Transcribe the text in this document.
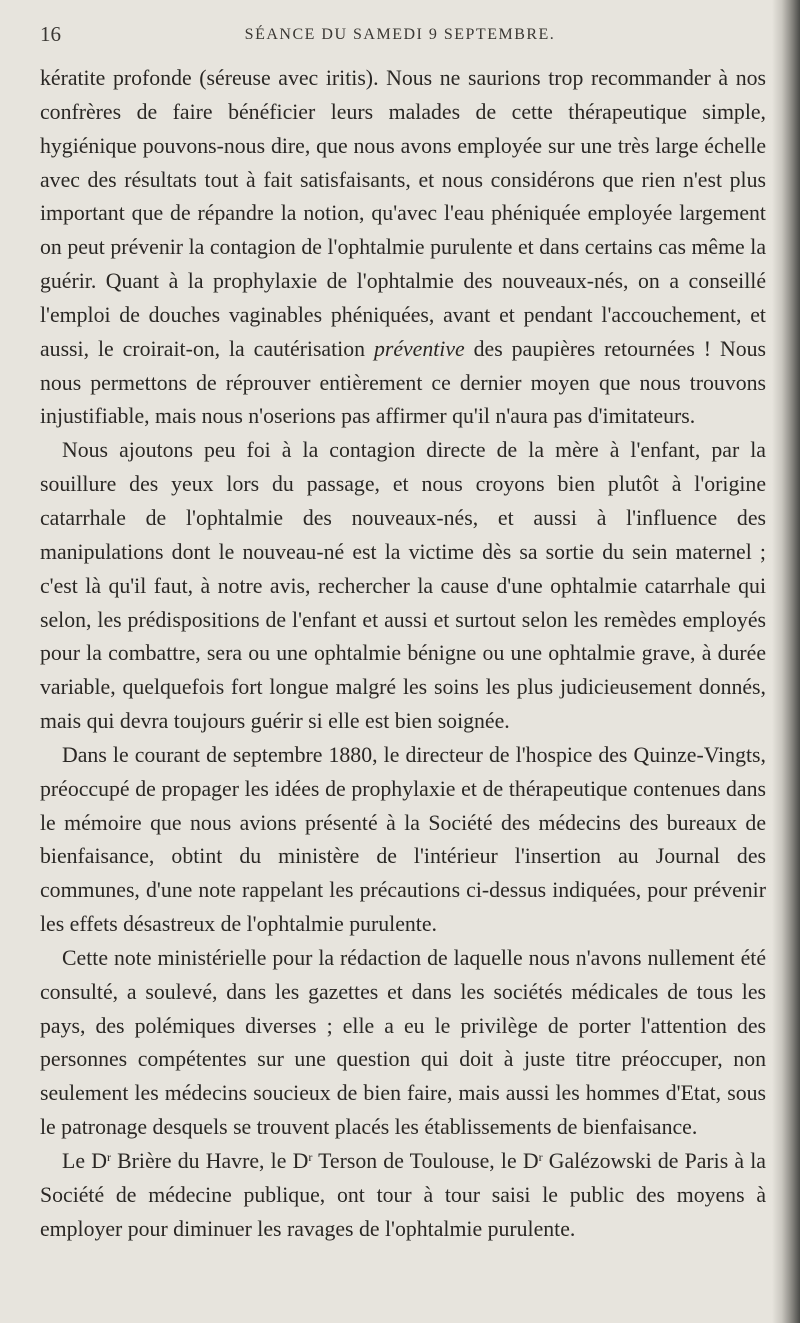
16	SÉANCE DU SAMEDI 9 SEPTEMBRE.

kératite profonde (séreuse avec iritis). Nous ne saurions trop recommander à nos confrères de faire bénéficier leurs malades de cette thérapeutique simple, hygiénique pouvons-nous dire, que nous avons employée sur une très large échelle avec des résultats tout à fait satisfaisants, et nous considérons que rien n'est plus important que de répandre la notion, qu'avec l'eau phéniquée employée largement on peut prévenir la contagion de l'ophtalmie purulente et dans certains cas même la guérir. Quant à la prophylaxie de l'ophtalmie des nouveaux-nés, on a conseillé l'emploi de douches vaginables phéniquées, avant et pendant l'accouchement, et aussi, le croirait-on, la cautérisation préventive des paupières retournées ! Nous nous permettons de réprouver entièrement ce dernier moyen que nous trouvons injustifiable, mais nous n'oserions pas affirmer qu'il n'aura pas d'imitateurs.

Nous ajoutons peu foi à la contagion directe de la mère à l'enfant, par la souillure des yeux lors du passage, et nous croyons bien plutôt à l'origine catarrhale de l'ophtalmie des nouveaux-nés, et aussi à l'influence des manipulations dont le nouveau-né est la victime dès sa sortie du sein maternel ; c'est là qu'il faut, à notre avis, rechercher la cause d'une ophtalmie catarrhale qui selon, les prédispositions de l'enfant et aussi et surtout selon les remèdes employés pour la combattre, sera ou une ophtalmie bénigne ou une ophtalmie grave, à durée variable, quelquefois fort longue malgré les soins les plus judicieusement donnés, mais qui devra toujours guérir si elle est bien soignée.

Dans le courant de septembre 1880, le directeur de l'hospice des Quinze-Vingts, préoccupé de propager les idées de prophylaxie et de thérapeutique contenues dans le mémoire que nous avions présenté à la Société des médecins des bureaux de bienfaisance, obtint du ministère de l'intérieur l'insertion au Journal des communes, d'une note rappelant les précautions ci-dessus indiquées, pour prévenir les effets désastreux de l'ophtalmie purulente.

Cette note ministérielle pour la rédaction de laquelle nous n'avons nullement été consulté, a soulevé, dans les gazettes et dans les sociétés médicales de tous les pays, des polémiques diverses ; elle a eu le privilège de porter l'attention des personnes compétentes sur une question qui doit à juste titre préoccuper, non seulement les médecins soucieux de bien faire, mais aussi les hommes d'Etat, sous le patronage desquels se trouvent placés les établissements de bienfaisance.

Le $D^r$ Brière du Havre, le $D^r$ Terson de Toulouse, le $D^r$ Galézowski de Paris à la Société de médecine publique, ont tour à tour saisi le public des moyens à employer pour diminuer les ravages de l'ophtalmie purulente.
